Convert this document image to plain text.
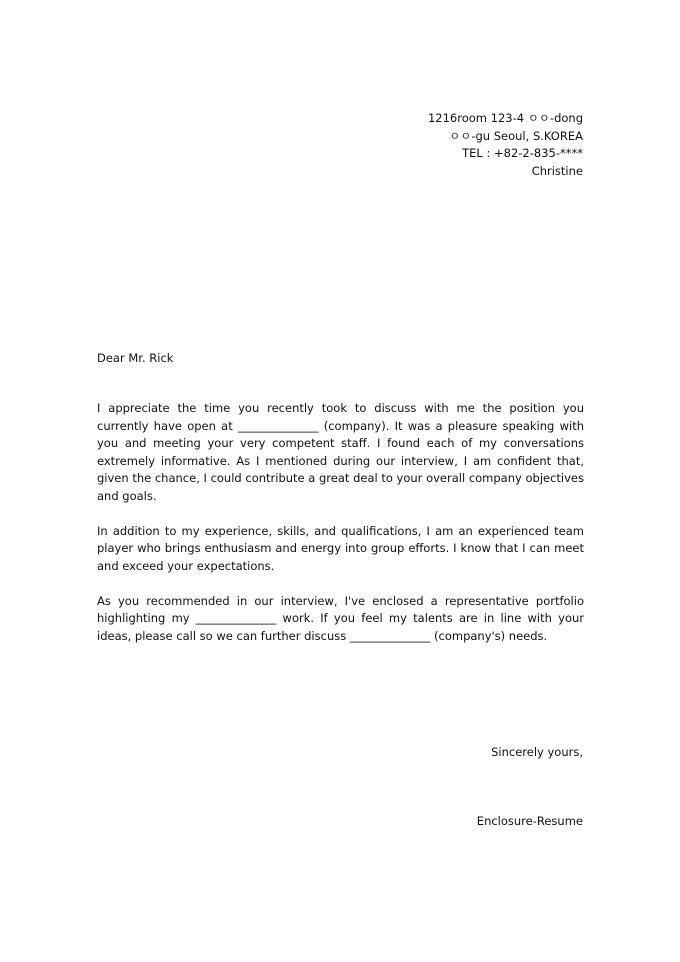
1216room 123-4 ㅇㅇ-dong
ㅇㅇ-gu Seoul, S.KOREA
TEL : +82-2-835-****
Christine
Dear Mr. Rick

I appreciate the time you recently took to discuss with me the position you currently have open at ______________ (company). It was a pleasure speaking with you and meeting your very competent staff. I found each of my conversations extremely informative. As I mentioned during our interview, I am confident that, given the chance, I could contribute a great deal to your overall company objectives and goals.

In addition to my experience, skills, and qualifications, I am an experienced team player who brings enthusiasm and energy into group efforts. I know that I can meet and exceed your expectations.

As you recommended in our interview, I've enclosed a representative portfolio highlighting my ______________ work. If you feel my talents are in line with your ideas, please call so we can further discuss ______________ (company's) needs.

Sincerely yours,
Enclosure-Resume
